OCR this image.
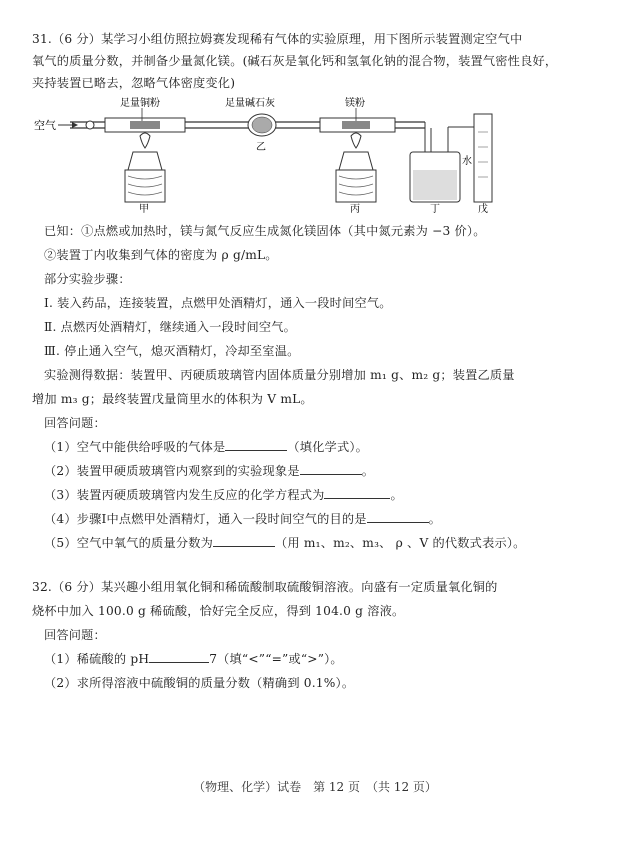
31.（6 分）某学习小组仿照拉姆赛发现稀有气体的实验原理，用下图所示装置测定空气中
氧气的质量分数，并制备少量氮化镁。(碱石灰是氧化钙和氢氧化钠的混合物，装置气密性良好，
夹持装置已略去，忽略气体密度变化)
空气
足量铜粉
甲
足量碱石灰
乙
镁粉
丙
水
丁	戊
已知：①点燃或加热时，镁与氮气反应生成氮化镁固体（其中氮元素为 −3 价）。
②装置丁内收集到气体的密度为 ρ g/mL。
部分实验步骤：
Ⅰ. 装入药品，连接装置，点燃甲处酒精灯，通入一段时间空气。
Ⅱ. 点燃丙处酒精灯，继续通入一段时间空气。
Ⅲ. 停止通入空气，熄灭酒精灯，冷却至室温。
实验测得数据：装置甲、丙硬质玻璃管内固体质量分别增加 m₁ g、m₂ g；装置乙质量
增加 m₃ g；最终装置戊量筒里水的体积为 V mL。
回答问题：
（1）空气中能供给呼吸的气体是	（填化学式）。
（2）装置甲硬质玻璃管内观察到的实验现象是	。
（3）装置丙硬质玻璃管内发生反应的化学方程式为	。
（4）步骤Ⅰ中点燃甲处酒精灯，通入一段时间空气的目的是	。
（5）空气中氧气的质量分数为	（用 m₁、m₂、m₃、 ρ 、V 的代数式表示）。
32.（6 分）某兴趣小组用氧化铜和稀硫酸制取硫酸铜溶液。向盛有一定质量氧化铜的
烧杯中加入 100.0 g 稀硫酸，恰好完全反应，得到 104.0 g 溶液。
回答问题：
（1）稀硫酸的 pH	7（填“<”“=”或“>”）。
（2）求所得溶液中硫酸铜的质量分数（精确到 0.1%）。
（物理、化学）试卷　第 12 页　（共 12 页）
